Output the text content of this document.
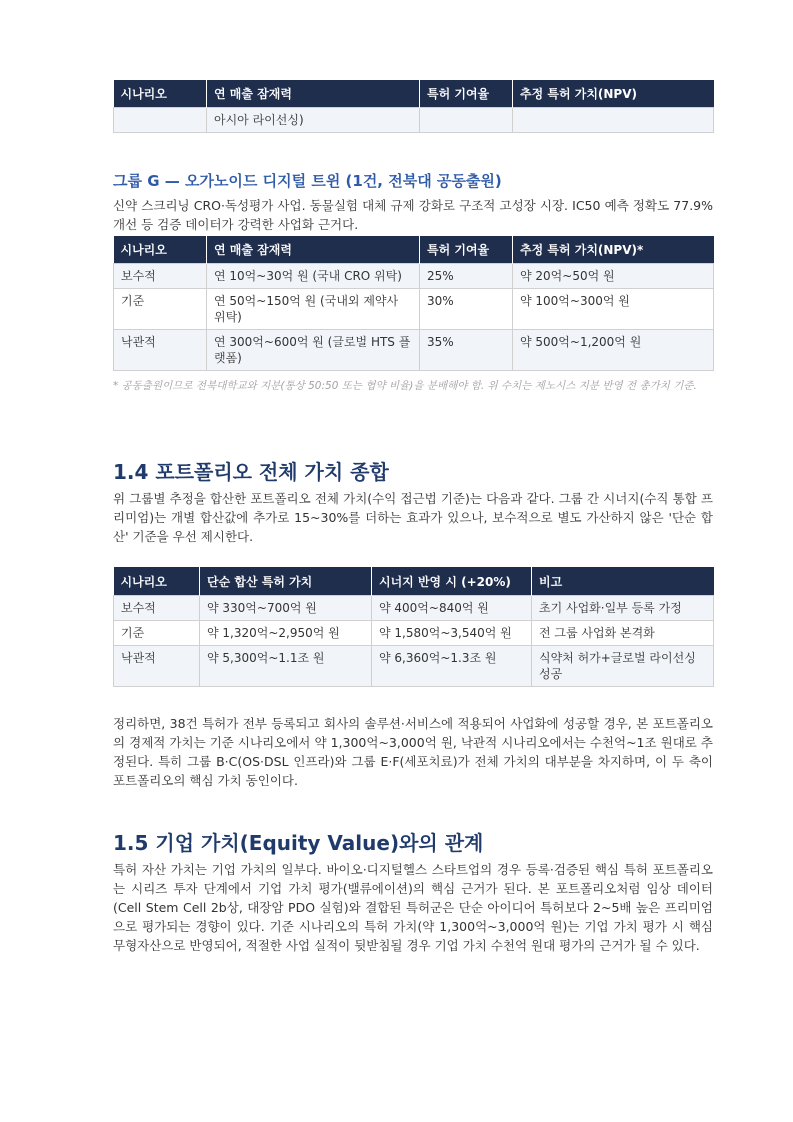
시나리오	연 매출 잠재력	특허 기여율	추정 특허 가치(NPV)
	아시아 라이선싱)		
그룹 G — 오가노이드 디지털 트윈 (1건, 전북대 공동출원)

신약 스크리닝 CRO·독성평가 사업. 동물실험 대체 규제 강화로 구조적 고성장 시장. IC50 예측 정확도 77.9% 개선 등 검증 데이터가 강력한 사업화 근거다.

시나리오	연 매출 잠재력	특허 기여율	추정 특허 가치(NPV)*
보수적	연 10억~30억 원 (국내 CRO 위탁)	25%	약 20억~50억 원
기준	연 50억~150억 원 (국내외 제약사 위탁)	30%	약 100억~300억 원
낙관적	연 300억~600억 원 (글로벌 HTS 플랫폼)	35%	약 500억~1,200억 원

* 공동출원이므로 전북대학교와 지분(통상 50:50 또는 협약 비율)을 분배해야 함. 위 수치는 제노시스 지분 반영 전 총가치 기준.

1.4 포트폴리오 전체 가치 종합

위 그룹별 추정을 합산한 포트폴리오 전체 가치(수익 접근법 기준)는 다음과 같다. 그룹 간 시너지(수직 통합 프리미엄)는 개별 합산값에 추가로 15~30%를 더하는 효과가 있으나, 보수적으로 별도 가산하지 않은 '단순 합산' 기준을 우선 제시한다.

시나리오	단순 합산 특허 가치	시너지 반영 시 (+20%)	비고
보수적	약 330억~700억 원	약 400억~840억 원	초기 사업화·일부 등록 가정
기준	약 1,320억~2,950억 원	약 1,580억~3,540억 원	전 그룹 사업화 본격화
낙관적	약 5,300억~1.1조 원	약 6,360억~1.3조 원	식약처 허가+글로벌 라이선싱 성공

정리하면, 38건 특허가 전부 등록되고 회사의 솔루션·서비스에 적용되어 사업화에 성공할 경우, 본 포트폴리오의 경제적 가치는 기준 시나리오에서 약 1,300억~3,000억 원, 낙관적 시나리오에서는 수천억~1조 원대로 추정된다. 특히 그룹 B·C(OS·DSL 인프라)와 그룹 E·F(세포치료)가 전체 가치의 대부분을 차지하며, 이 두 축이 포트폴리오의 핵심 가치 동인이다.

1.5 기업 가치(Equity Value)와의 관계

특허 자산 가치는 기업 가치의 일부다. 바이오·디지털헬스 스타트업의 경우 등록·검증된 핵심 특허 포트폴리오는 시리즈 투자 단계에서 기업 가치 평가(밸류에이션)의 핵심 근거가 된다. 본 포트폴리오처럼 임상 데이터(Cell Stem Cell 2b상, 대장암 PDO 실험)와 결합된 특허군은 단순 아이디어 특허보다 2~5배 높은 프리미엄으로 평가되는 경향이 있다. 기준 시나리오의 특허 가치(약 1,300억~3,000억 원)는 기업 가치 평가 시 핵심 무형자산으로 반영되어, 적절한 사업 실적이 뒷받침될 경우 기업 가치 수천억 원대 평가의 근거가 될 수 있다.
